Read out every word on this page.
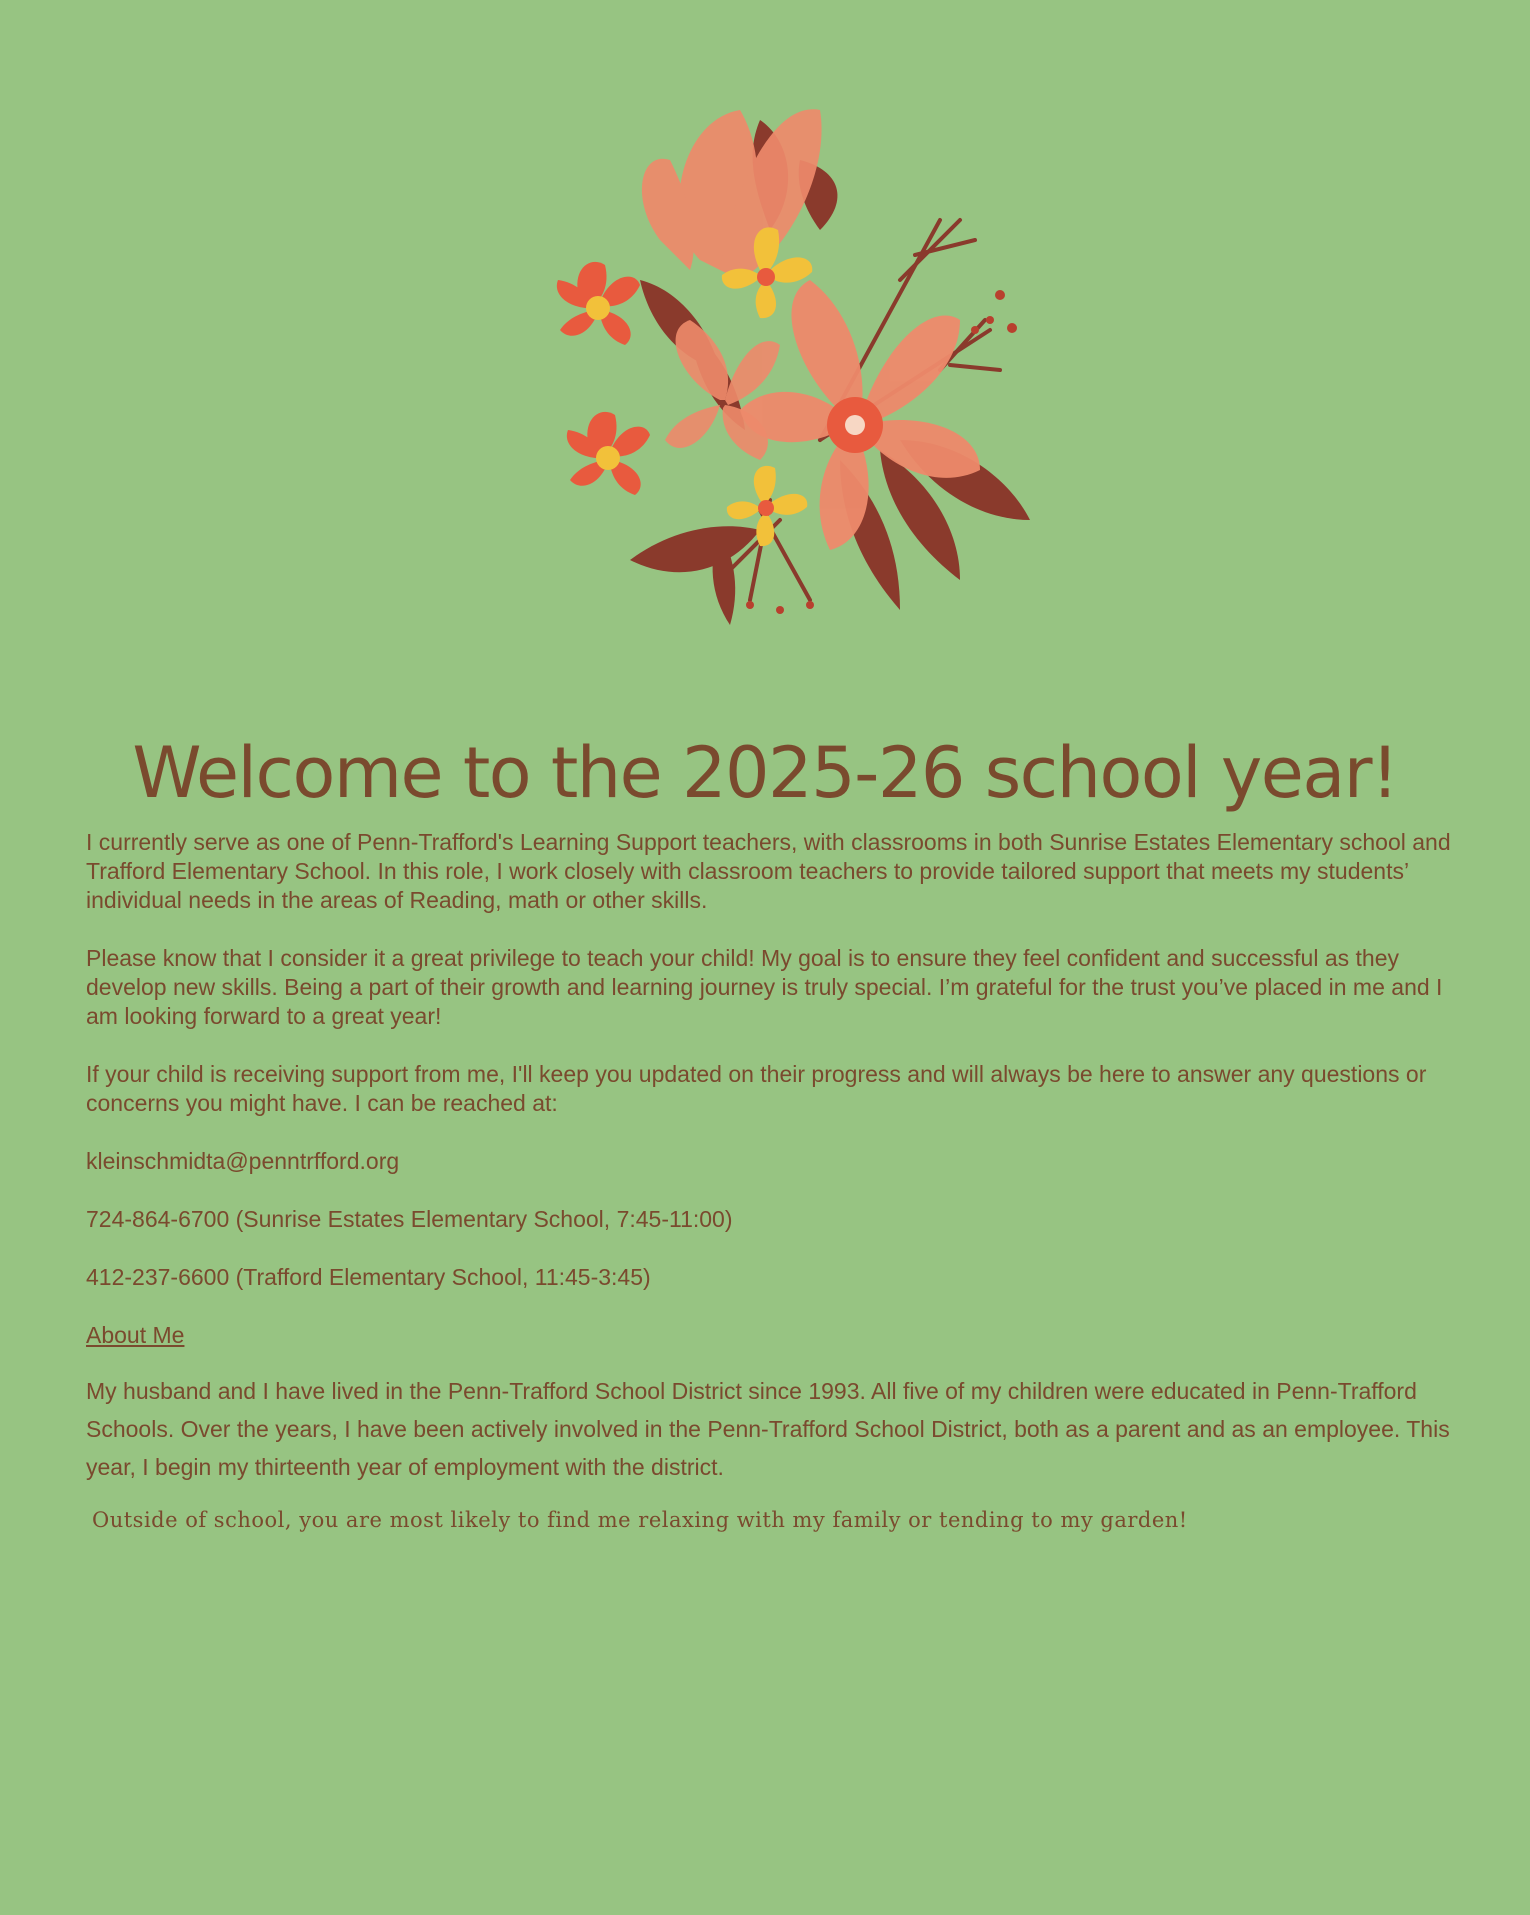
Welcome to the 2025-26 school year!

I currently serve as one of Penn-Trafford's Learning Support teachers, with classrooms in both Sunrise Estates Elementary school and Trafford Elementary School. In this role, I work closely with classroom teachers to provide tailored support that meets my students’ individual needs in the areas of Reading, math or other skills.

Please know that I consider it a great privilege to teach your child! My goal is to ensure they feel confident and successful as they develop new skills. Being a part of their growth and learning journey is truly special. I’m grateful for the trust you’ve placed in me and I am looking forward to a great year!

If your child is receiving support from me, I'll keep you updated on their progress and will always be here to answer any questions or concerns you might have. I can be reached at:

kleinschmidta@penntrfford.org

724-864-6700 (Sunrise Estates Elementary School, 7:45-11:00)

412-237-6600 (Trafford Elementary School, 11:45-3:45)

About Me

My husband and I have lived in the Penn-Trafford School District since 1993. All five of my children were educated in Penn-Trafford Schools. Over the years, I have been actively involved in the Penn-Trafford School District, both as a parent and as an employee. This year, I begin my thirteenth year of employment with the district.

Outside of school, you are most likely to find me relaxing with my family or tending to my garden!
